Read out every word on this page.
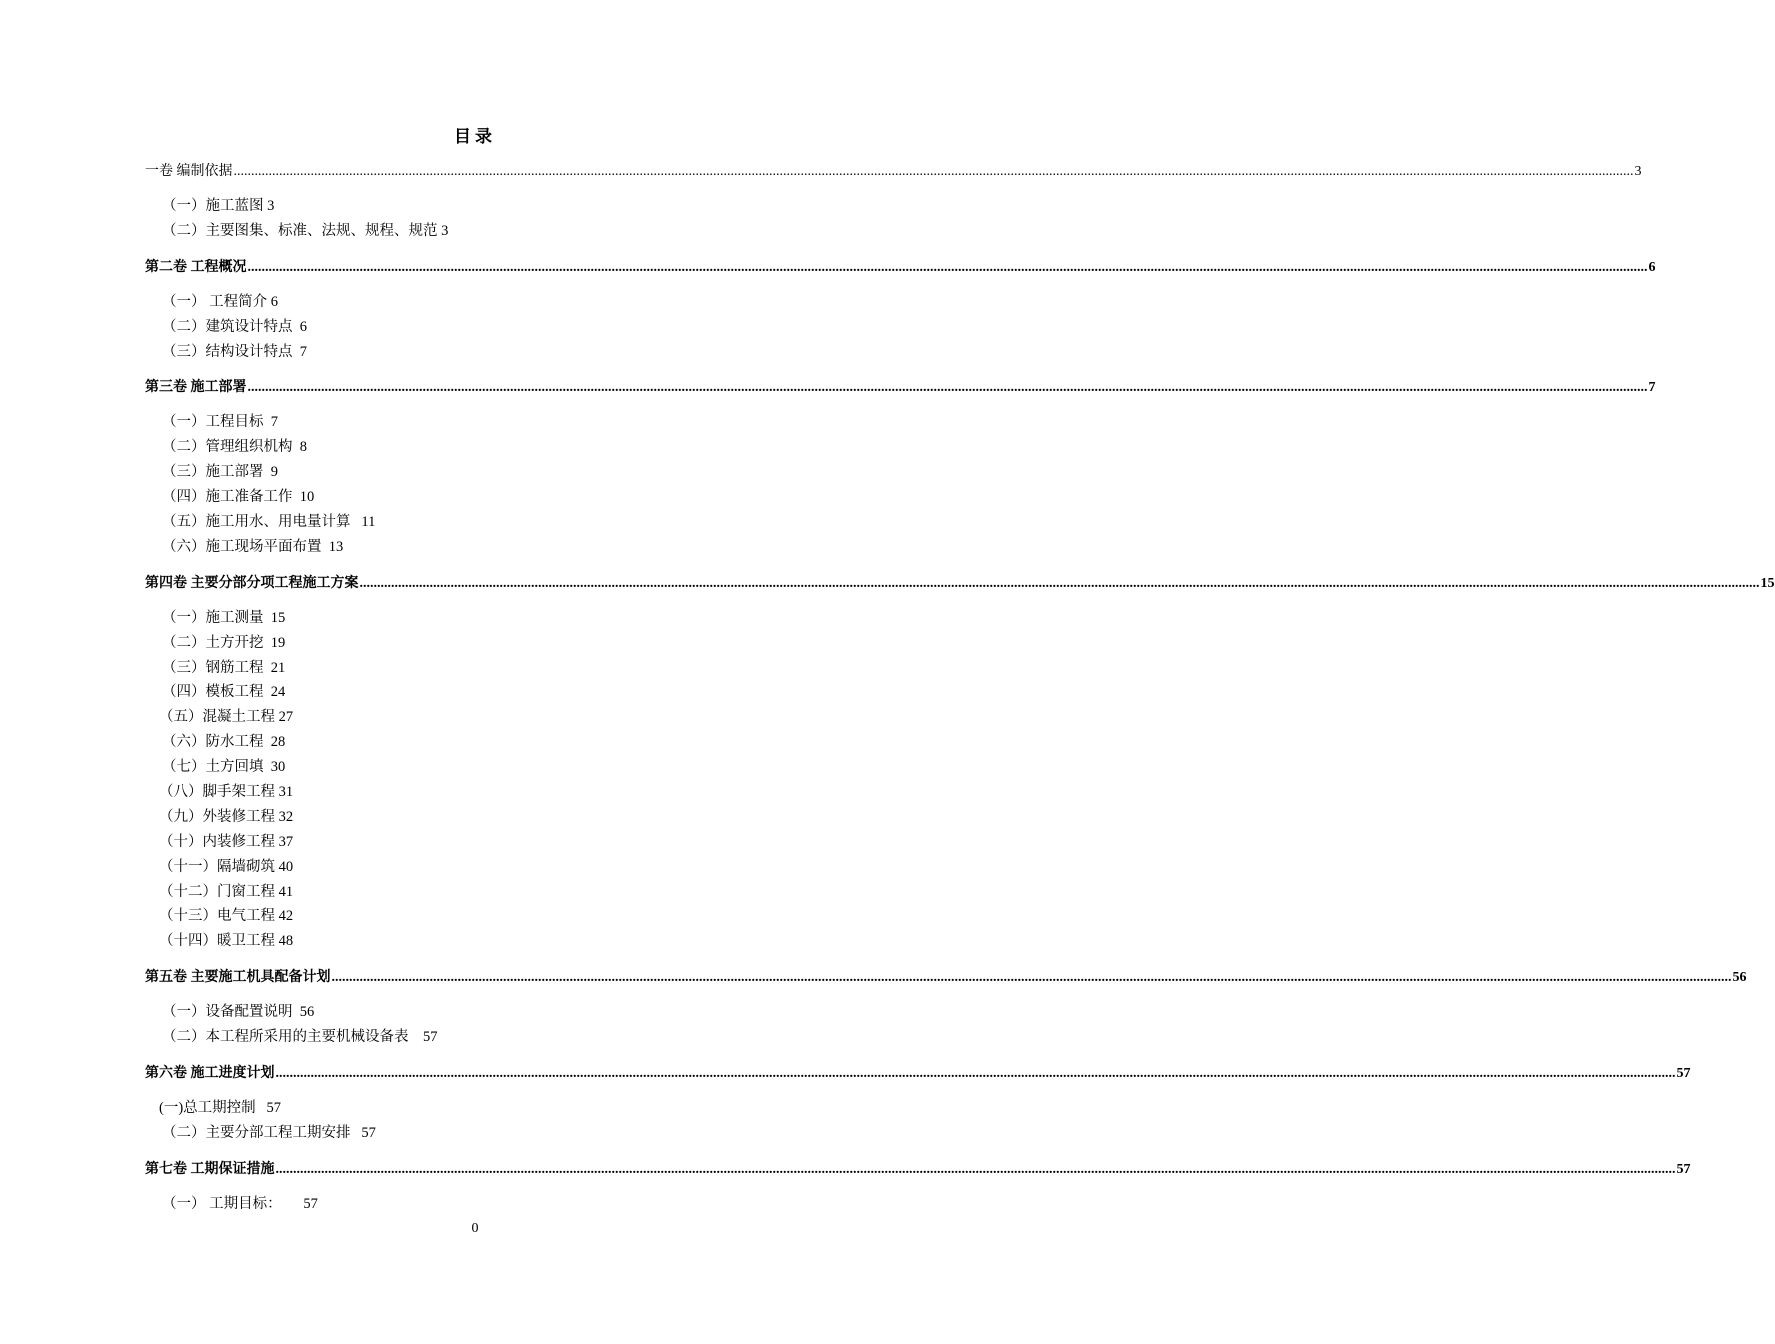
目录
一卷 编制依据 ................................................................................................................................................................................................................................................................................................................................................................................................................ 3
（一）施工蓝图 3
（二）主要图集、标准、法规、规程、规范 3
第二卷 工程概况 ................................................................................................................................................................................................................................................................................................................................................................................................................ 6
（一） 工程简介 6
（二）建筑设计特点  6
（三）结构设计特点  7
第三卷 施工部署 ................................................................................................................................................................................................................................................................................................................................................................................................................ 7
（一）工程目标  7
（二）管理组织机构  8
（三）施工部署  9
（四）施工准备工作  10
（五）施工用水、用电量计算   11
（六）施工现场平面布置  13
第四卷 主要分部分项工程施工方案 ................................................................................................................................................................................................................................................................................................................................................................................................................ 15
（一）施工测量  15
（二）土方开挖  19
（三）钢筋工程  21
（四）模板工程  24
（五）混凝土工程 27
（六）防水工程  28
（七）土方回填  30
（八）脚手架工程 31
（九）外装修工程 32
（十）内装修工程 37
（十一）隔墙砌筑 40
（十二）门窗工程 41
（十三）电气工程 42
（十四）暖卫工程 48
第五卷 主要施工机具配备计划 ................................................................................................................................................................................................................................................................................................................................................................................................................ 56
（一）设备配置说明  56
（二）本工程所采用的主要机械设备表    57
第六卷 施工进度计划 ................................................................................................................................................................................................................................................................................................................................................................................................................ 57
(一)总工期控制   57
（二）主要分部工程工期安排   57
第七卷 工期保证措施 ................................................................................................................................................................................................................................................................................................................................................................................................................ 57
（一） 工期目标：      57
0
